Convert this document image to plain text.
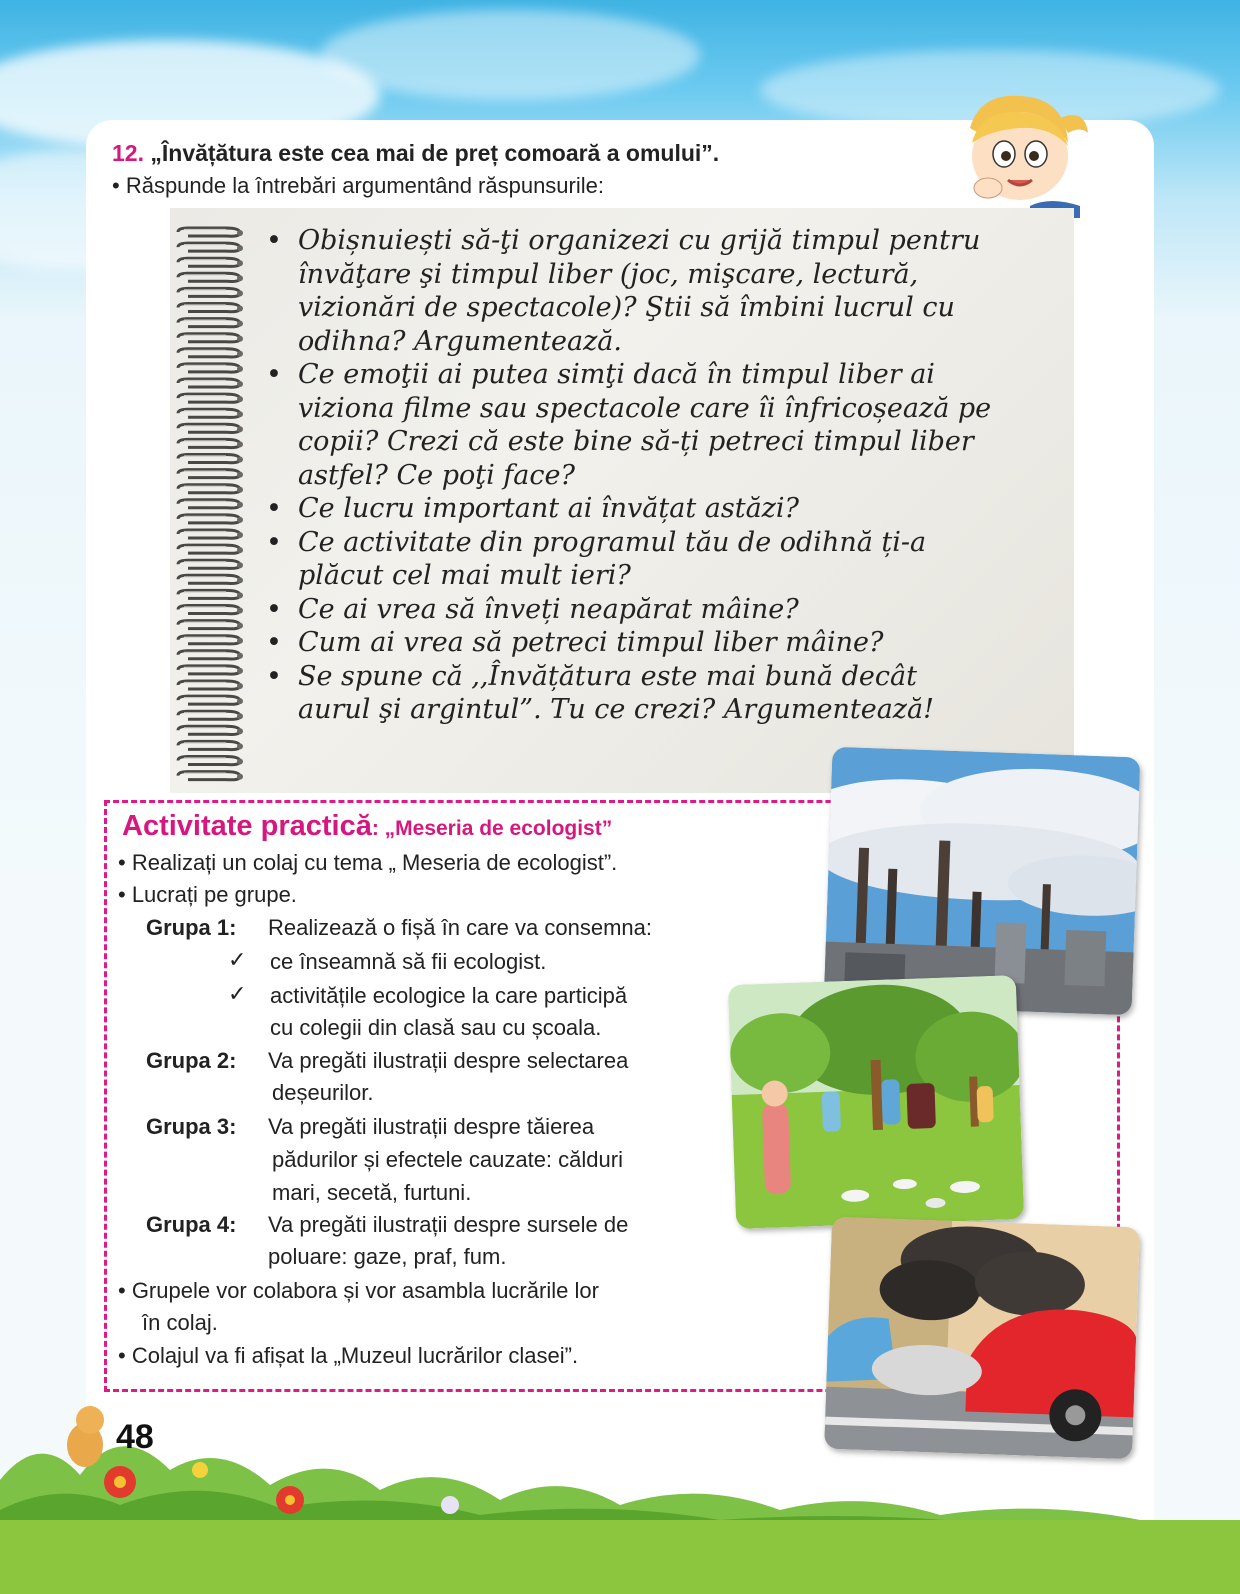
12. „Învățătura este cea mai de preț comoară a omului”.
• Răspunde la întrebări argumentând răspunsurile:
• Obișnuiești să-ţi organizezi cu grijă timpul pentru
învăţare şi timpul liber (joc, mişcare, lectură,
vizionări de spectacole)? Ştii să îmbini lucrul cu
odihna? Argumentează.
• Ce emoţii ai putea simţi dacă în timpul liber ai
viziona filme sau spectacole care îi înfricoșează pe
copii? Crezi că este bine să-ți petreci timpul liber
astfel? Ce poţi face?
• Ce lucru important ai învățat astăzi?
• Ce activitate din programul tău de odihnă ți-a
plăcut cel mai mult ieri?
• Ce ai vrea să înveți neapărat mâine?
• Cum ai vrea să petreci timpul liber mâine?
• Se spune că ,,Învățătura este mai bună decât
aurul şi argintul”. Tu ce crezi? Argumentează!
Activitate practică: „Meseria de ecologist”
• Realizați un colaj cu tema „ Meseria de ecologist”.
• Lucrați pe grupe.
Grupa 1: Realizează o fișă în care va consemna:
✓ ce înseamnă să fii ecologist.
✓ activitățile ecologice la care participă
cu colegii din clasă sau cu școala.
Grupa 2: Va pregăti ilustrații despre selectarea
deșeurilor.
Grupa 3: Va pregăti ilustrații despre tăierea
pădurilor și efectele cauzate: călduri
mari, secetă, furtuni.
Grupa 4: Va pregăti ilustrații despre sursele de
poluare: gaze, praf, fum.
• Grupele vor colabora și vor asambla lucrările lor
în colaj.
• Colajul va fi afișat la „Muzeul lucrărilor clasei”.
48
